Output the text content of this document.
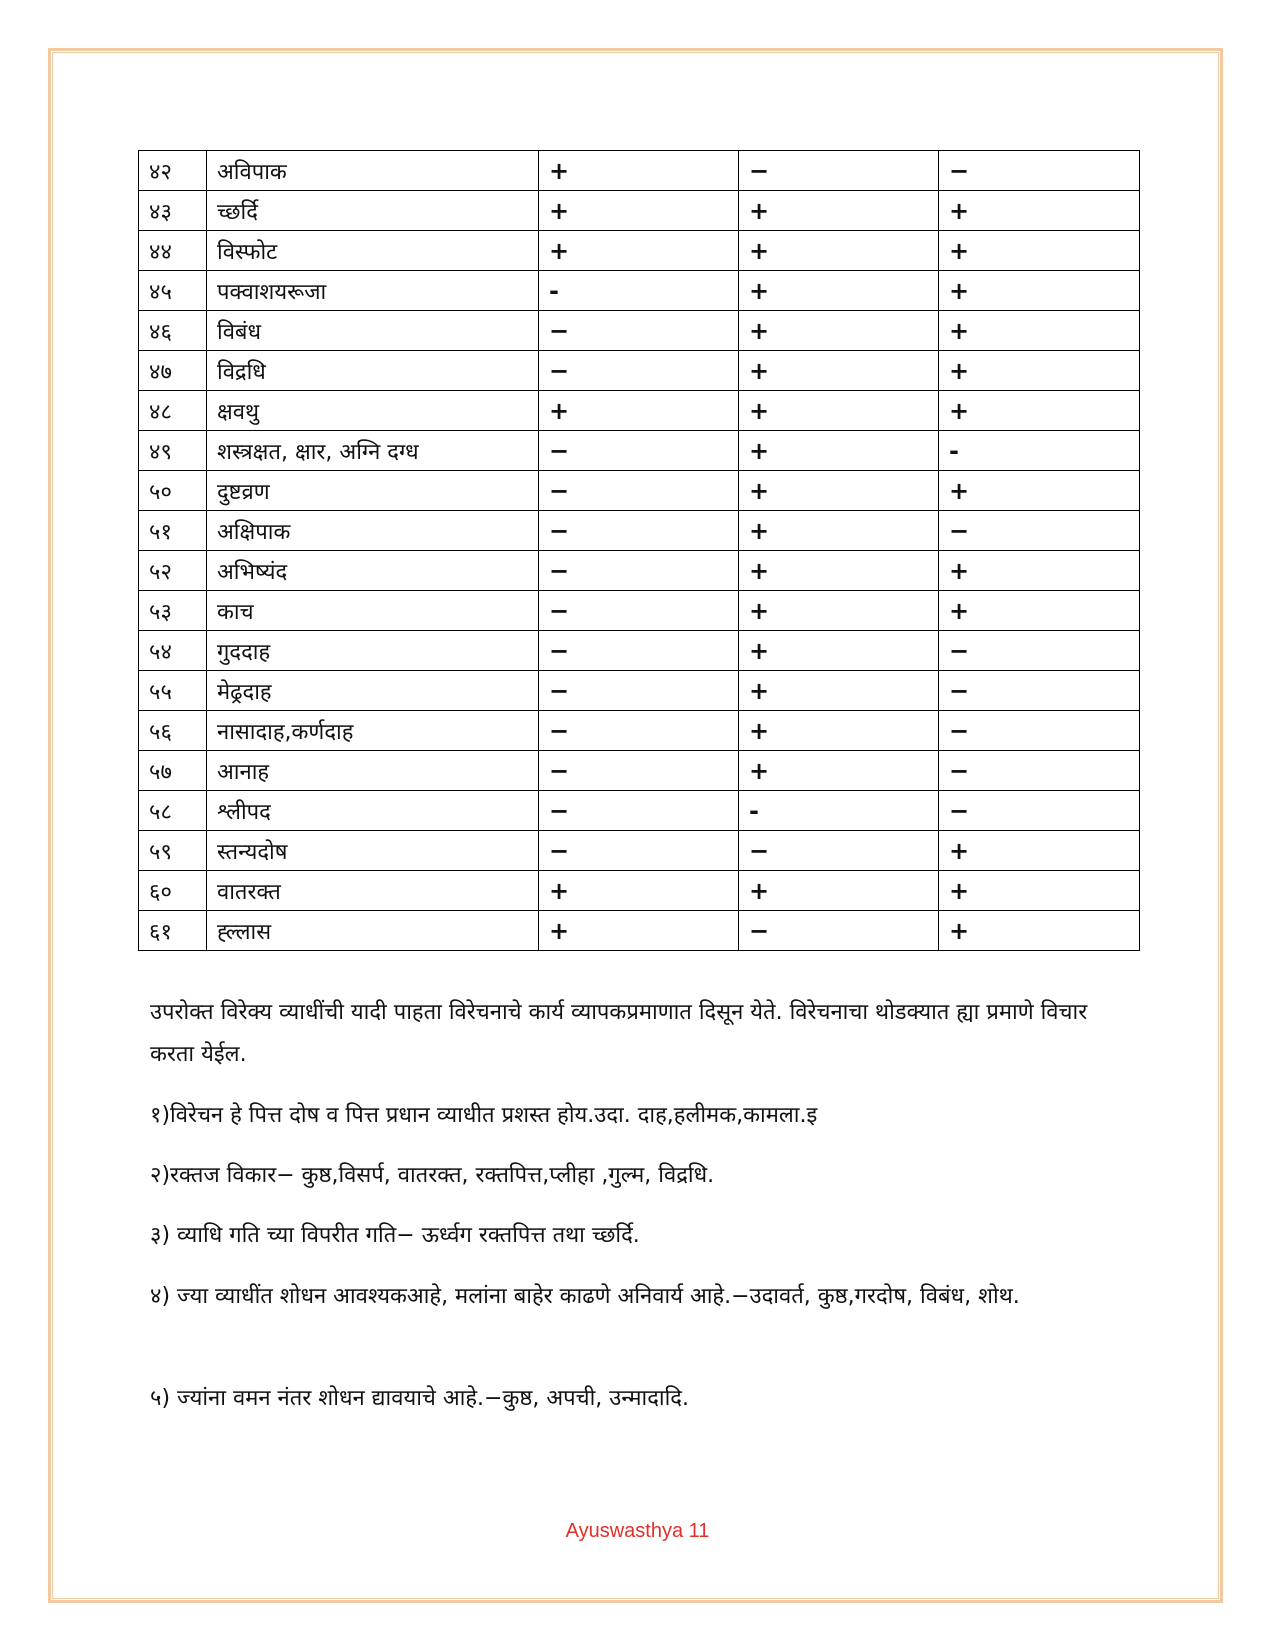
४२	अविपाक	+	−	−
४३	च्छर्दि	+	+	+
४४	विस्फोट	+	+	+
४५	पक्वाशयरूजा	-	+	+
४६	विबंध	−	+	+
४७	विद्रधि	−	+	+
४८	क्षवथु	+	+	+
४९	शस्त्रक्षत, क्षार, अग्नि दग्ध	−	+	-
५०	दुष्टव्रण	−	+	+
५१	अक्षिपाक	−	+	−
५२	अभिष्यंद	−	+	+
५३	काच	−	+	+
५४	गुददाह	−	+	−
५५	मेढ्रदाह	−	+	−
५६	नासादाह,कर्णदाह	−	+	−
५७	आनाह	−	+	−
५८	श्लीपद	−	-	−
५९	स्तन्यदोष	−	−	+
६०	वातरक्त	+	+	+
६१	ह्ल्लास	+	−	+

उपरोक्त विरेक्य व्याधींची यादी पाहता विरेचनाचे कार्य व्यापकप्रमाणात दिसून येते. विरेचनाचा थोडक्यात ह्या प्रमाणे विचार करता येईल.

१)विरेचन हे पित्त दोष व पित्त प्रधान व्याधीत प्रशस्त होय.उदा. दाह,हलीमक,कामला.इ

२)रक्तज विकार− कुष्ठ,विसर्प, वातरक्त, रक्तपित्त,प्लीहा ,गुल्म, विद्रधि.

३) व्याधि गति च्या विपरीत गति− ऊर्ध्वग रक्तपित्त तथा च्छर्दि.

४) ज्या व्याधींत शोधन आवश्यकआहे, मलांना बाहेर काढणे अनिवार्य आहे.−उदावर्त, कुष्ठ,गरदोष, विबंध, शोथ.

५) ज्यांना वमन नंतर शोधन द्यावयाचे आहे.−कुष्ठ, अपची, उन्मादादि.

Ayuswasthya 11
